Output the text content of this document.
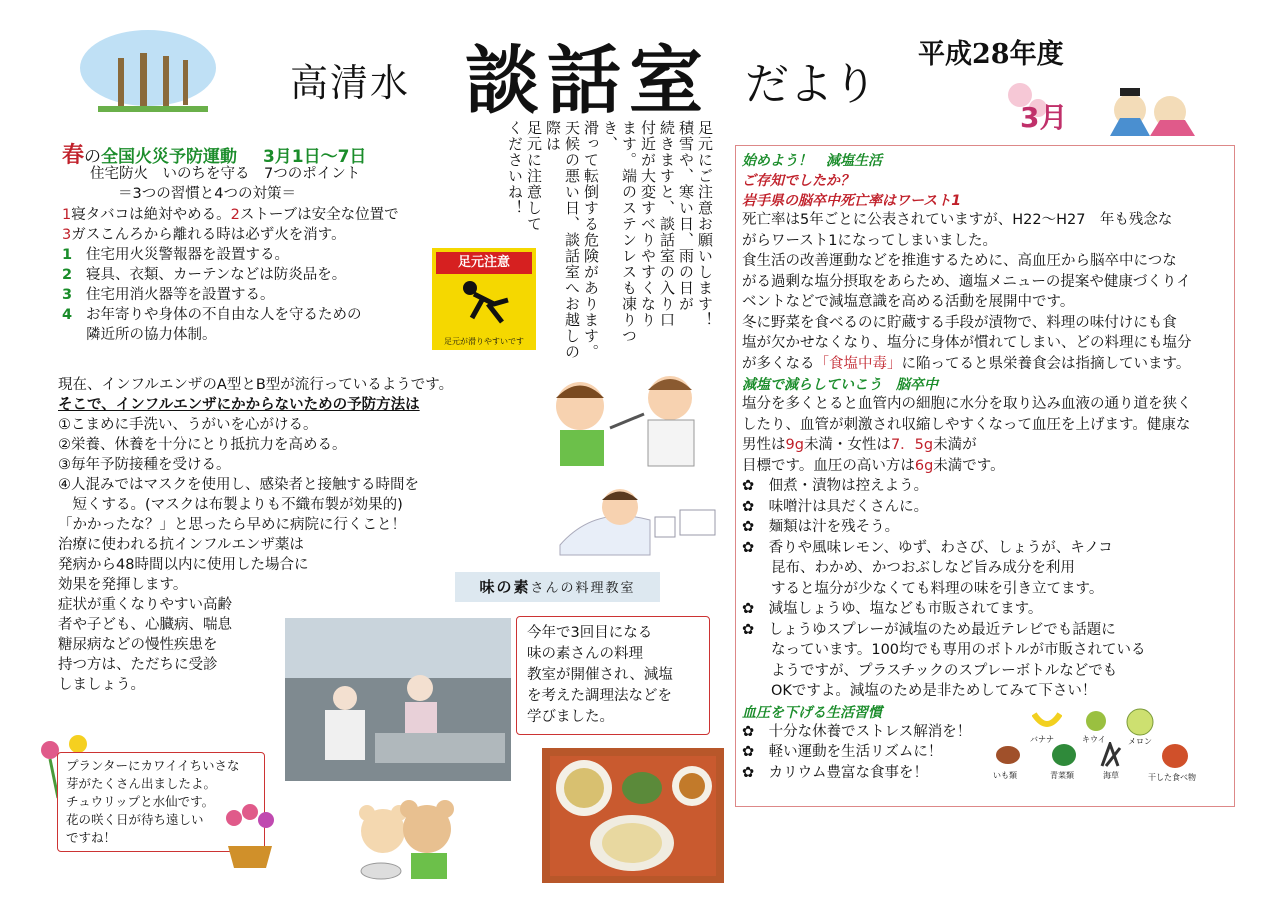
高清水 談話室 だより
平成28年度
3月
春の全国火災予防運動 3月1日～7日
住宅防火　いのちを守る　7つのポイント
＝3つの習慣と4つの対策＝
1寝タバコは絶対やめる。2ストーブは安全な位置で
3ガスこんろから離れる時は必ず火を消す。
1 住宅用火災警報器を設置する。
2 寝具、衣類、カーテンなどは防炎品を。
3 住宅用消火器等を設置する。
4 お年寄りや身体の不自由な人を守るための
隣近所の協力体制。
足元注意
足元が滑りやすいです
足元にご注意お願いします！
積雪や、寒い日、雨の日が
続きますと、談話室の入り口
付近が大変すべりやすくなり
ます。端のステンレスも凍りつき、
滑って転倒する危険があります。
天候の悪い日、談話室へお越しの
際は
足元に注意して
くださいね！
現在、インフルエンザのA型とB型が流行っているようです。
そこで、インフルエンザにかからないための予防方法は
①こまめに手洗い、うがいを心がける。
②栄養、休養を十分にとり抵抗力を高める。
③毎年予防接種を受ける。
④人混みではマスクを使用し、感染者と接触する時間を
　短くする。(マスクは布製よりも不織布製が効果的)
「かかったな？」と思ったら早めに病院に行くこと！
治療に使われる抗インフルエンザ薬は
発病から48時間以内に使用した場合に
効果を発揮します。
症状が重くなりやすい高齢
者や子ども、心臓病、喘息
糖尿病などの慢性疾患を
持つ方は、ただちに受診
しましょう。
味の素さんの料理教室
今年で3回目になる
味の素さんの料理
教室が開催され、減塩
を考えた調理法などを
学びました。
プランターにカワイイちいさな
芽がたくさん出ましたよ。
チュウリップと水仙です。
花の咲く日が待ち遠しい
ですね！
始めよう！　減塩生活
ご存知でしたか？
岩手県の脳卒中死亡率はワースト1
死亡率は5年ごとに公表されていますが、H22～H27　年も残念な
がらワースト1になってしまいました。
食生活の改善運動などを推進するために、高血圧から脳卒中につな
がる過剰な塩分摂取をあらため、適塩メニューの提案や健康づくりイ
ベントなどで減塩意識を高める活動を展開中です。
冬に野菜を食べるのに貯蔵する手段が漬物で、料理の味付けにも食
塩が欠かせなくなり、塩分に身体が慣れてしまい、どの料理にも塩分
が多くなる「食塩中毒」に陥ってると県栄養食会は指摘しています。
減塩で減らしていこう　脳卒中
塩分を多くとると血管内の細胞に水分を取り込み血液の通り道を狭く
したり、血管が刺激され収縮しやすくなって血圧を上げます。健康な
男性は9g未満・女性は7．5g未満が
目標です。血圧の高い方は6g未満です。
✿　佃煮・漬物は控えよう。
✿　味噌汁は具だくさんに。
✿　麺類は汁を残そう。
✿　香りや風味レモン、ゆず、わさび、しょうが、キノコ
　　昆布、わかめ、かつおぶしなど旨み成分を利用
　　すると塩分が少なくても料理の味を引き立てます。
✿　減塩しょうゆ、塩なども市販されてます。
✿　しょうゆスプレーが減塩のため最近テレビでも話題に
　　なっています。100均でも専用のボトルが市販されている
　　ようですが、プラスチックのスプレーボトルなどでも
　　OKですよ。減塩のため是非ためしてみて下さい！
血圧を下げる生活習慣
✿　十分な休養でストレス解消を！
✿　軽い運動を生活リズムに！
✿　カリウム豊富な食事を！
バナナ	キウイ	メロン
いも類	青菜類	海草	干した食べ物
